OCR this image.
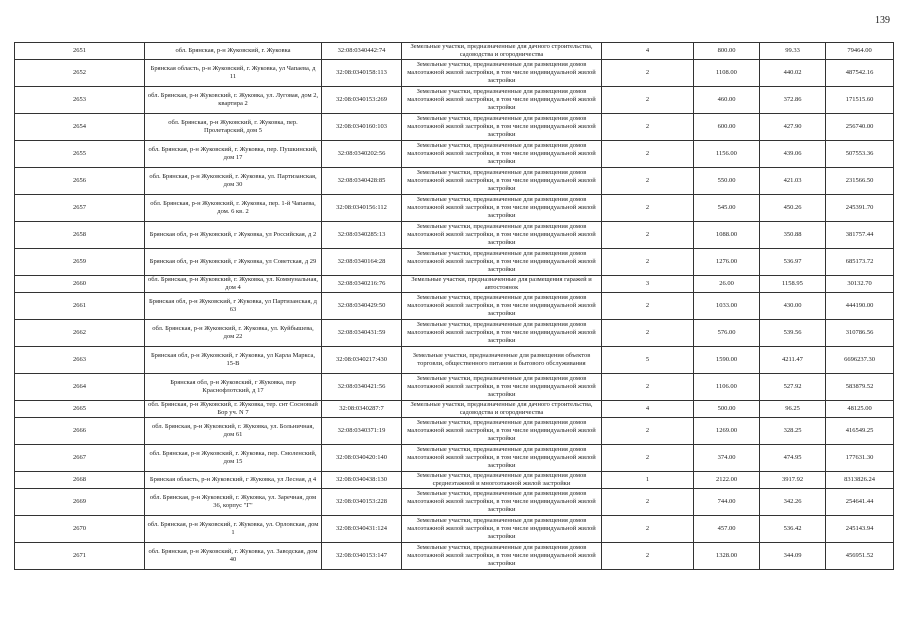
139
2651	обл. Брянская, р-н Жуковский, г. Жуковка	32:08:0340442:74	Земельные участки, предназначенные для дачного строительства, садоводства и огородничества	4	800.00	99.33	79464.00
2652	Брянская область, р-н Жуковский, г. Жуковка, ул Чапаева, д 11	32:08:0340158:113	Земельные участки, предназначенные для размещения домов малоэтажной жилой застройки, в том числе индивидуальной жилой застройки	2	1108.00	440.02	487542.16
2653	обл. Брянская, р-н Жуковский, г. Жуковка, ул. Луговая, дом 2, квартира 2	32:08:0340153:269	Земельные участки, предназначенные для размещения домов малоэтажной жилой застройки, в том числе индивидуальной жилой застройки	2	460.00	372.86	171515.60
2654	обл. Брянская, р-н Жуковский, г. Жуковка, пер. Пролетарский, дом 5	32:08:0340160:103	Земельные участки, предназначенные для размещения домов малоэтажной жилой застройки, в том числе индивидуальной жилой застройки	2	600.00	427.90	256740.00
2655	обл. Брянская, р-н Жуковский, г. Жуковка, пер. Пушкинский, дом 17	32:08:0340202:56	Земельные участки, предназначенные для размещения домов малоэтажной жилой застройки, в том числе индивидуальной жилой застройки	2	1156.00	439.06	507553.36
2656	обл. Брянская, р-н Жуковский, г. Жуковка, ул. Партизанская, дом 30	32:08:0340428:85	Земельные участки, предназначенные для размещения домов малоэтажной жилой застройки, в том числе индивидуальной жилой застройки	2	550.00	421.03	231566.50
2657	обл. Брянская, р-н Жуковский, г. Жуковка, пер. 1-й Чапаева, дом. 6 кв. 2	32:08:0340156:112	Земельные участки, предназначенные для размещения домов малоэтажной жилой застройки, в том числе индивидуальной жилой застройки	2	545.00	450.26	245391.70
2658	Брянская обл, р-н Жуковский, г Жуковка, ул Российская, д 2	32:08:0340285:13	Земельные участки, предназначенные для размещения домов малоэтажной жилой застройки, в том числе индивидуальной жилой застройки	2	1088.00	350.88	381757.44
2659	Брянская обл, р-н Жуковский, г Жуковка, ул Советская, д 29	32:08:0340164:28	Земельные участки, предназначенные для размещения домов малоэтажной жилой застройки, в том числе индивидуальной жилой застройки	2	1276.00	536.97	685173.72
2660	обл. Брянская, р-н Жуковский, г. Жуковка, ул. Коммунальная, дом 4	32:08:0340216:76	Земельные участки, предназначенные для размещения гаражей и автостоянок	3	26.00	1158.95	30132.70
2661	Брянская обл, р-н Жуковский, г Жуковка, ул Партизанская, д 63	32:08:0340429:50	Земельные участки, предназначенные для размещения домов малоэтажной жилой застройки, в том числе индивидуальной жилой застройки	2	1033.00	430.00	444190.00
2662	обл. Брянская, р-н Жуковский, г. Жуковка, ул. Куйбышева, дом 22	32:08:0340431:59	Земельные участки, предназначенные для размещения домов малоэтажной жилой застройки, в том числе индивидуальной жилой застройки	2	576.00	539.56	310786.56
2663	Брянская обл, р-н Жуковский, г Жуковка, ул Карла Маркса, 15-В	32:08:0340217:430	Земельные участки, предназначенные для размещения объектов торговли, общественного питания и бытового обслуживания	5	1590.00	4211.47	6696237.30
2664	Брянская обл, р-н Жуковский, г Жуковка, пер Краснофлотский, д 17	32:08:0340421:56	Земельные участки, предназначенные для размещения домов малоэтажной жилой застройки, в том числе индивидуальной жилой застройки	2	1106.00	527.92	583879.52
2665	обл. Брянская, р-н Жуковский, г. Жуковка, тер. снт Сосновый Бор уч. N 7	32:08:0340287:7	Земельные участки, предназначенные для дачного строительства, садоводства и огородничества	4	500.00	96.25	48125.00
2666	обл. Брянская, р-н Жуковский, г. Жуковка, ул. Больничная, дом 61	32:08:0340371:19	Земельные участки, предназначенные для размещения домов малоэтажной жилой застройки, в том числе индивидуальной жилой застройки	2	1269.00	328.25	416549.25
2667	обл. Брянская, р-н Жуковский, г. Жуковка, пер. Смоленский, дом 15	32:08:0340420:140	Земельные участки, предназначенные для размещения домов малоэтажной жилой застройки, в том числе индивидуальной жилой застройки	2	374.00	474.95	177631.30
2668	Брянская область, р-н Жуковский, г Жуковка, ул Лесная, д 4	32:08:0340438:130	Земельные участки, предназначенные для размещения домов среднеэтажной и многоэтажной жилой застройки	1	2122.00	3917.92	8313826.24
2669	обл. Брянская, р-н Жуковский, г. Жуковка, ул. Заречная, дом 36, корпус "Г"	32:08:0340153:228	Земельные участки, предназначенные для размещения домов малоэтажной жилой застройки, в том числе индивидуальной жилой застройки	2	744.00	342.26	254641.44
2670	обл. Брянская, р-н Жуковский, г. Жуковка, ул. Орловская, дом 1	32:08:0340431:124	Земельные участки, предназначенные для размещения домов малоэтажной жилой застройки, в том числе индивидуальной жилой застройки	2	457.00	536.42	245143.94
2671	обл. Брянская, р-н Жуковский, г. Жуковка, ул. Заводская, дом 40	32:08:0340153:147	Земельные участки, предназначенные для размещения домов малоэтажной жилой застройки, в том числе индивидуальной жилой застройки	2	1328.00	344.09	456951.52
